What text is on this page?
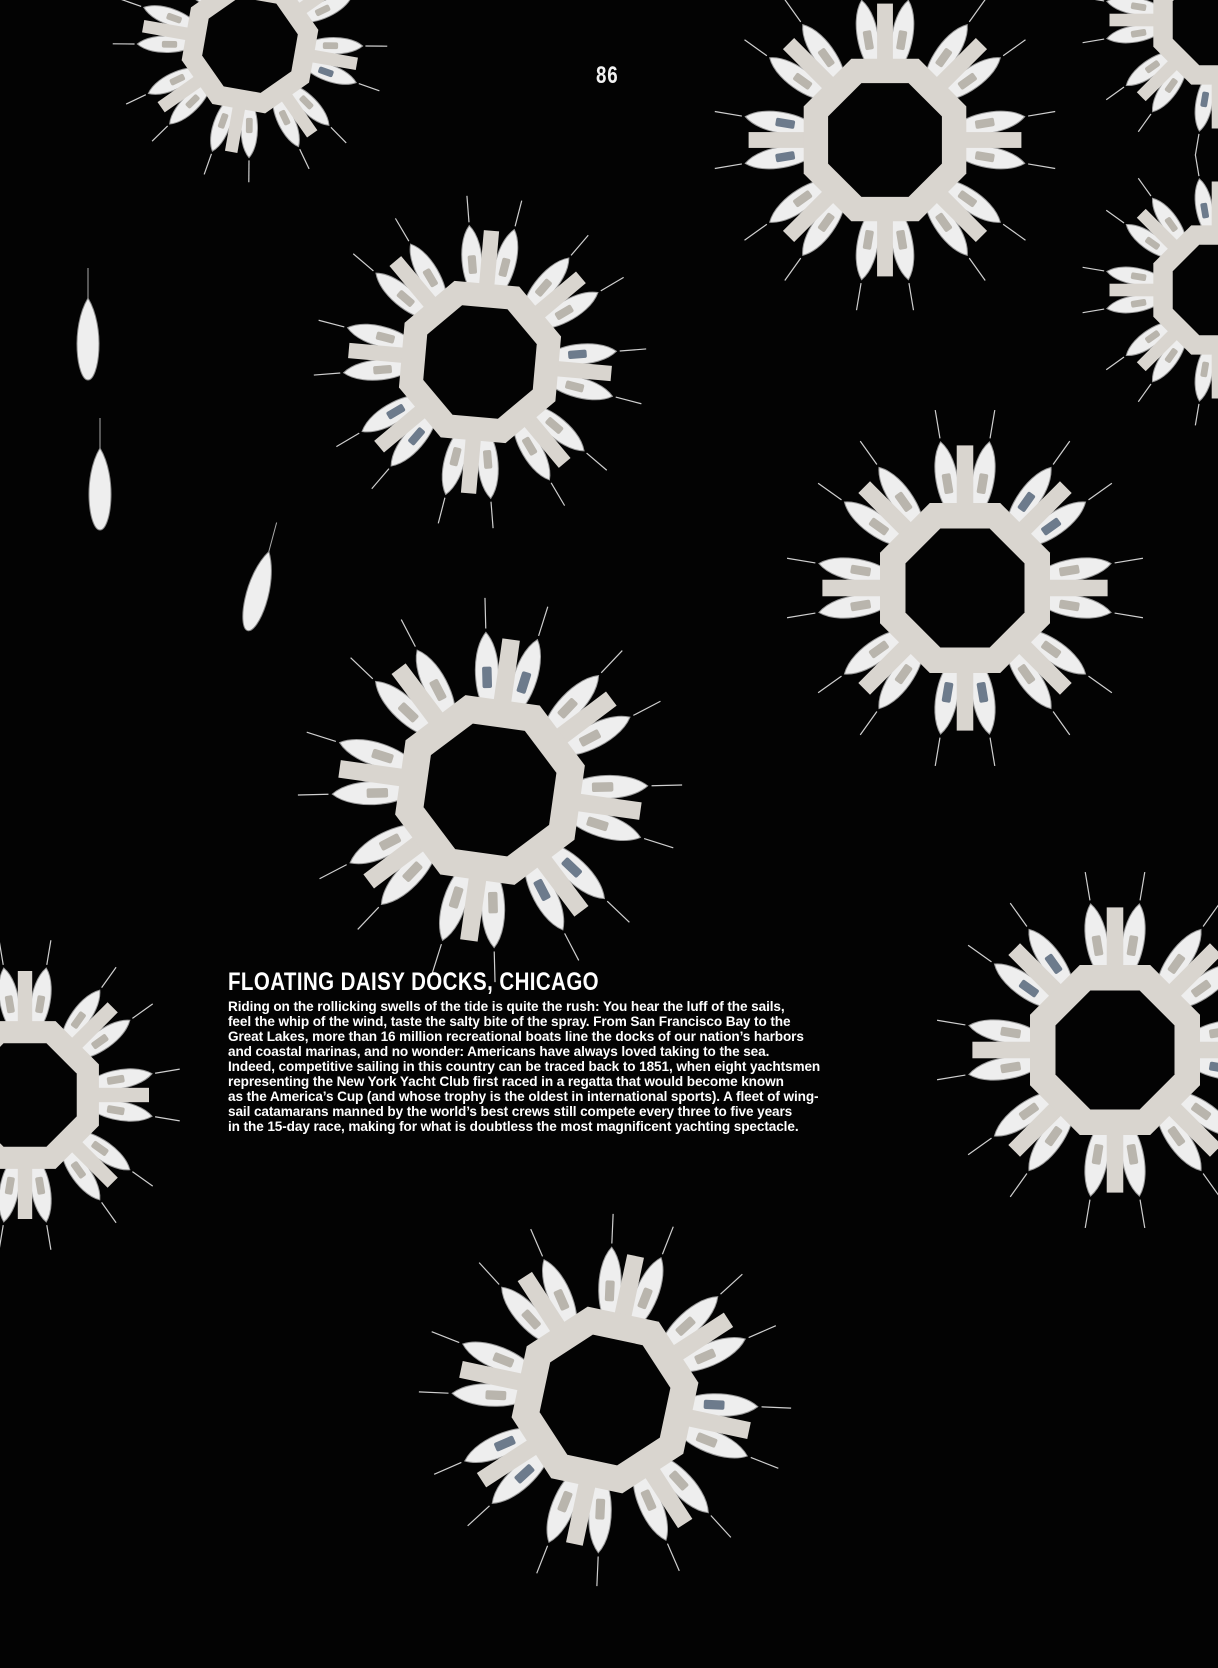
86
FLOATING DAISY DOCKS, CHICAGO
Riding on the rollicking swells of the tide is quite the rush: You hear the luff of the sails,
feel the whip of the wind, taste the salty bite of the spray. From San Francisco Bay to the
Great Lakes, more than 16 million recreational boats line the docks of our nation’s harbors
and coastal marinas, and no wonder: Americans have always loved taking to the sea.
Indeed, competitive sailing in this country can be traced back to 1851, when eight yachtsmen
representing the New York Yacht Club first raced in a regatta that would become known
as the America’s Cup (and whose trophy is the oldest in international sports). A fleet of wing-
sail catamarans manned by the world’s best crews still compete every three to five years
in the 15-day race, making for what is doubtless the most magnificent yachting spectacle.
